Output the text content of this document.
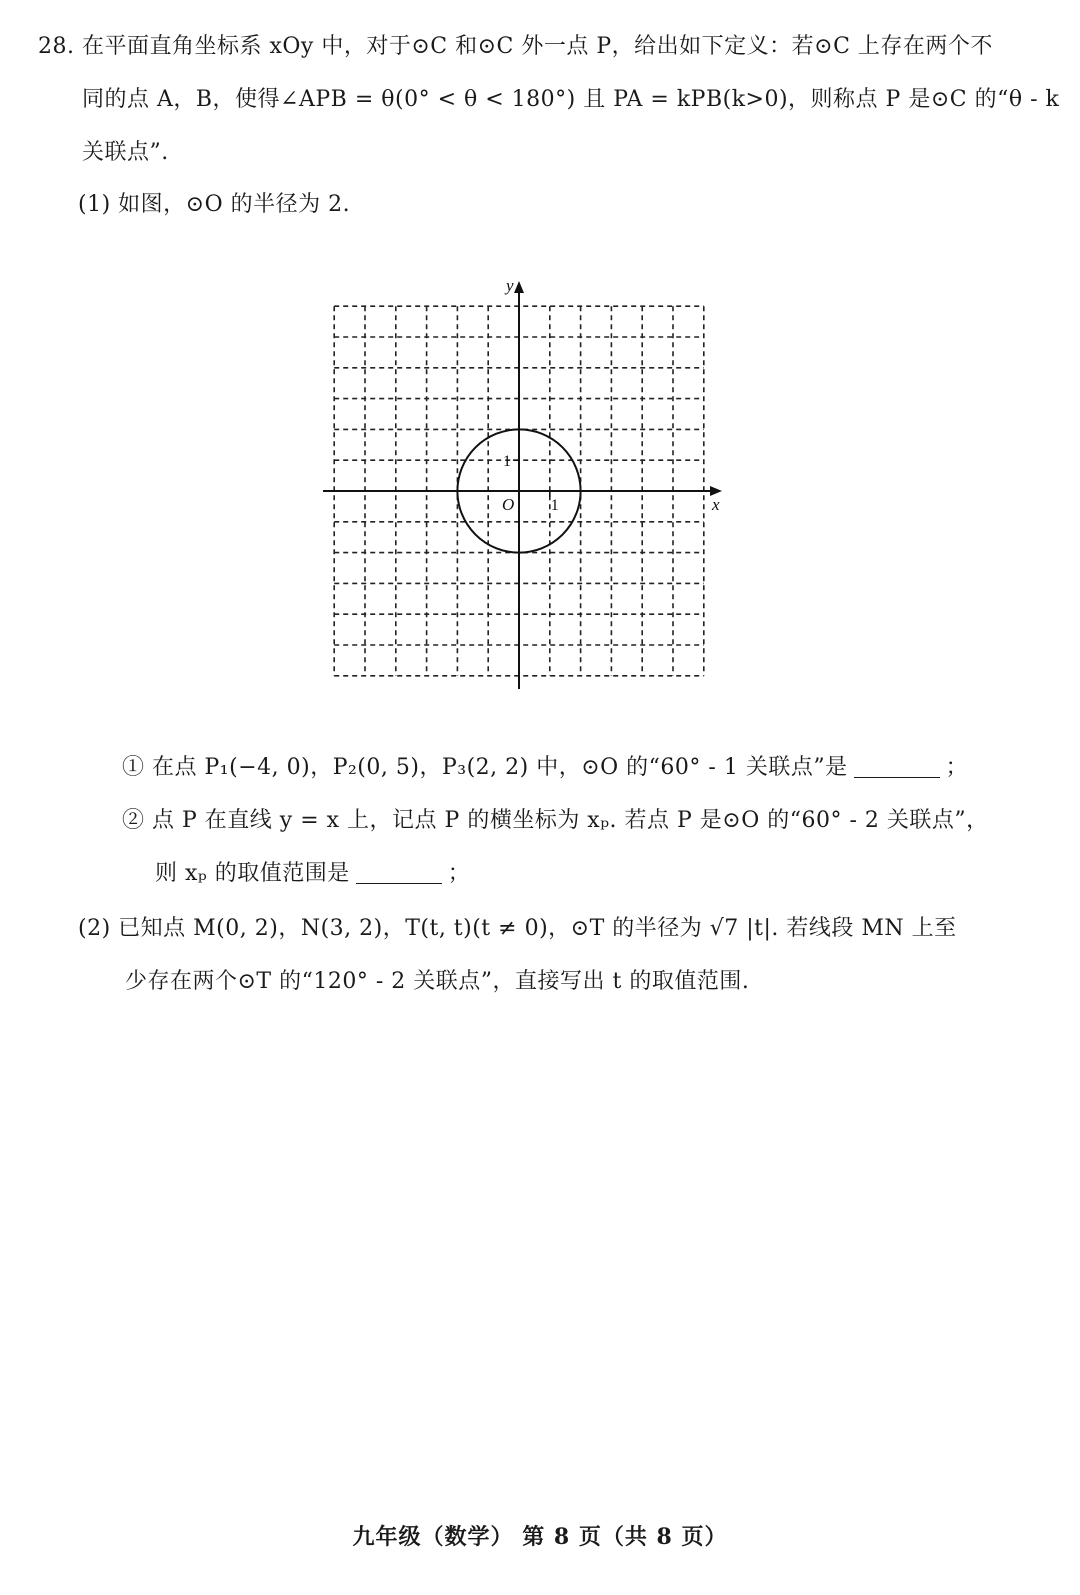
28. 在平面直角坐标系 xOy 中，对于⊙C 和⊙C 外一点 P，给出如下定义：若⊙C 上存在两个不
同的点 A，B，使得∠APB = θ(0° < θ < 180°) 且 PA = kPB(k>0)，则称点 P 是⊙C 的“θ - k
关联点”.
(1) 如图，⊙O 的半径为 2.
y
x
O 1
1
① 在点 P₁(−4, 0)，P₂(0, 5)，P₃(2, 2) 中，⊙O 的“60° - 1 关联点”是	；
② 点 P 在直线 y = x 上，记点 P 的横坐标为 xₚ. 若点 P 是⊙O 的“60° - 2 关联点”，
则 xₚ 的取值范围是	；
(2) 已知点 M(0, 2)，N(3, 2)，T(t, t)(t ≠ 0)，⊙T 的半径为 √7 |t|. 若线段 MN 上至
少存在两个⊙T 的“120° - 2 关联点”，直接写出 t 的取值范围.
九年级（数学） 第 8 页（共 8 页）
